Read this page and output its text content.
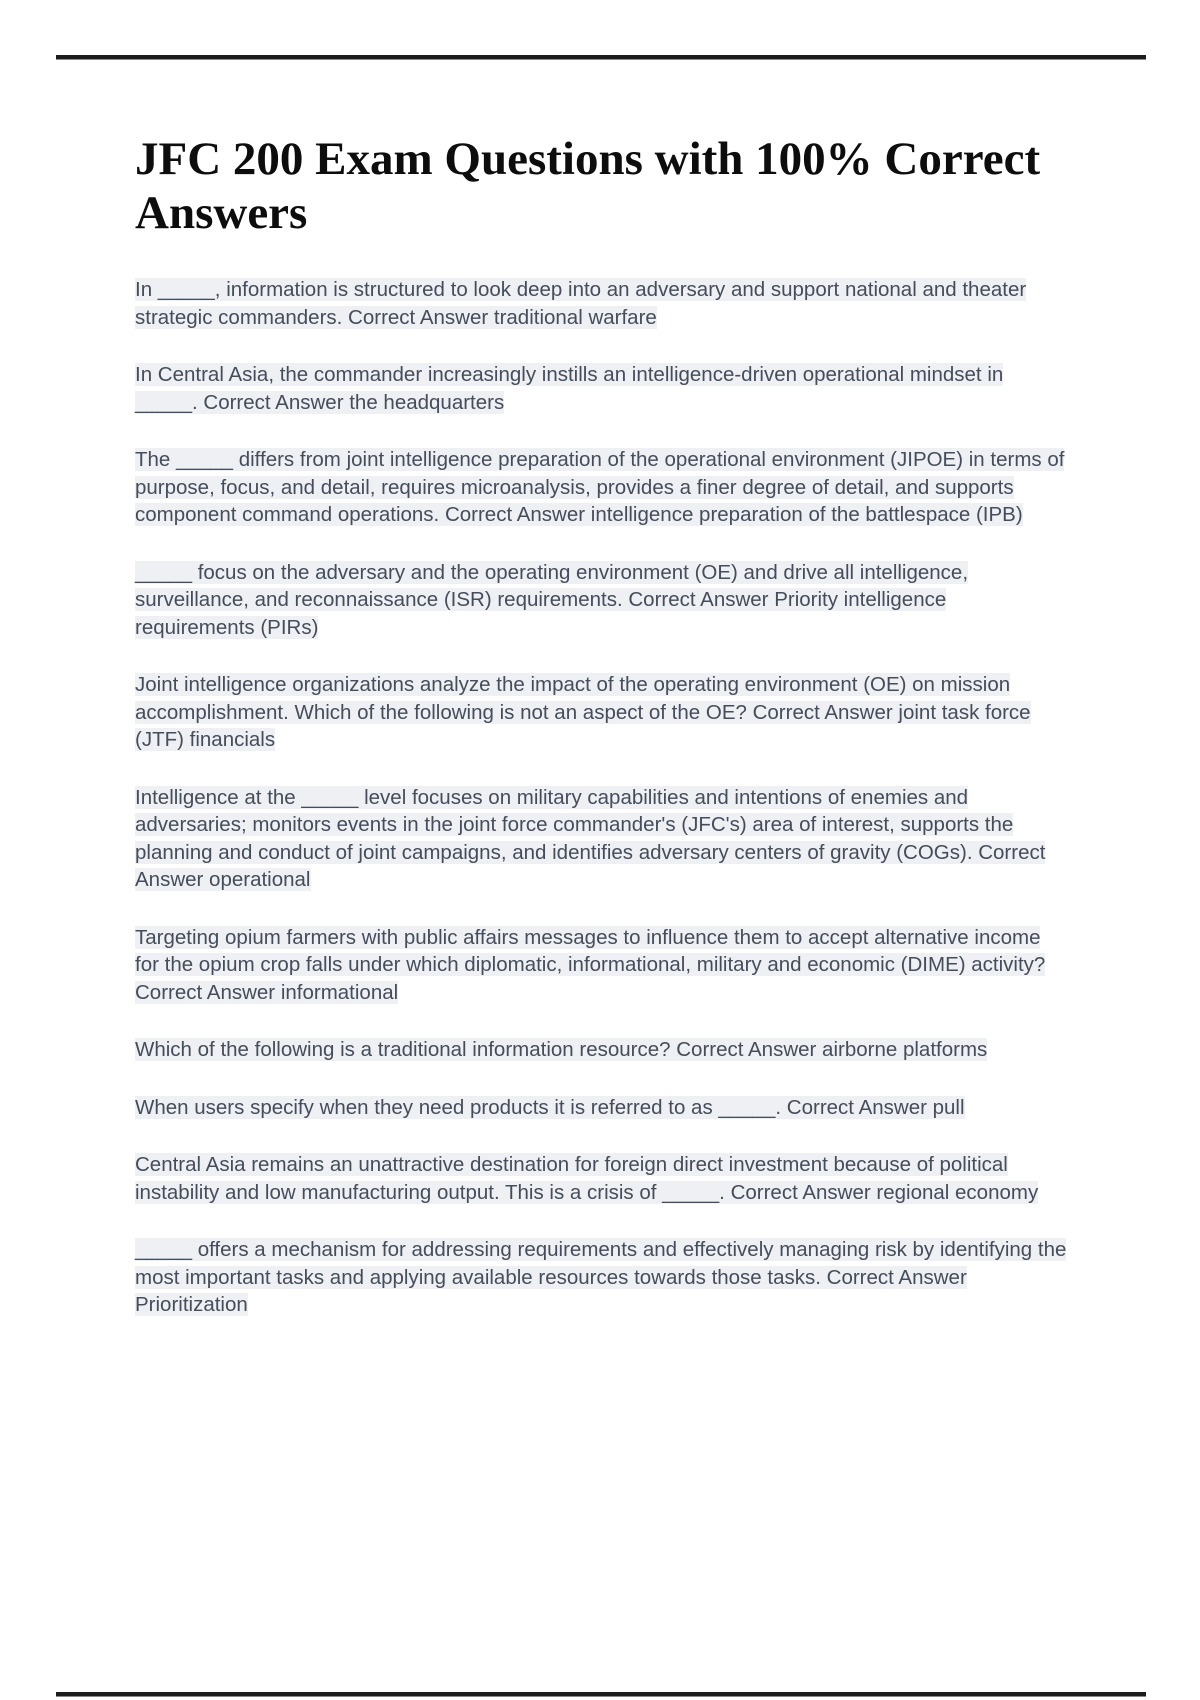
JFC 200 Exam Questions with 100% Correct Answers

In _____, information is structured to look deep into an adversary and support national and theater strategic commanders. Correct Answer traditional warfare

In Central Asia, the commander increasingly instills an intelligence-driven operational mindset in _____. Correct Answer the headquarters

The _____ differs from joint intelligence preparation of the operational environment (JIPOE) in terms of purpose, focus, and detail, requires microanalysis, provides a finer degree of detail, and supports component command operations. Correct Answer intelligence preparation of the battlespace (IPB)

_____ focus on the adversary and the operating environment (OE) and drive all intelligence, surveillance, and reconnaissance (ISR) requirements. Correct Answer Priority intelligence requirements (PIRs)

Joint intelligence organizations analyze the impact of the operating environment (OE) on mission accomplishment. Which of the following is not an aspect of the OE? Correct Answer joint task force (JTF) financials

Intelligence at the _____ level focuses on military capabilities and intentions of enemies and adversaries; monitors events in the joint force commander's (JFC's) area of interest, supports the planning and conduct of joint campaigns, and identifies adversary centers of gravity (COGs). Correct Answer operational

Targeting opium farmers with public affairs messages to influence them to accept alternative income for the opium crop falls under which diplomatic, informational, military and economic (DIME) activity? Correct Answer informational

Which of the following is a traditional information resource? Correct Answer airborne platforms

When users specify when they need products it is referred to as _____. Correct Answer pull

Central Asia remains an unattractive destination for foreign direct investment because of political instability and low manufacturing output. This is a crisis of _____. Correct Answer regional economy

_____ offers a mechanism for addressing requirements and effectively managing risk by identifying the most important tasks and applying available resources towards those tasks. Correct Answer Prioritization
